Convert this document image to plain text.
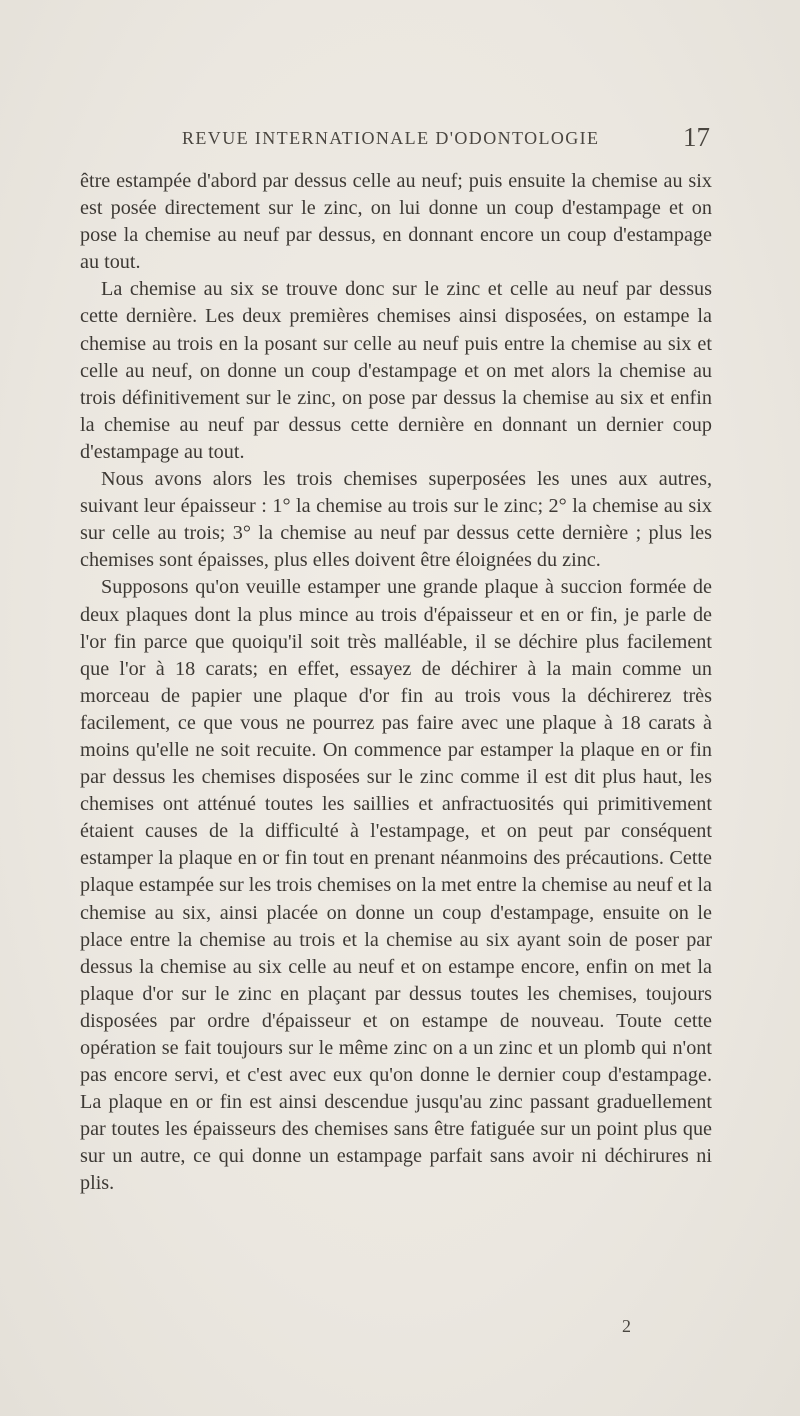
REVUE INTERNATIONALE D'ODONTOLOGIE	17

être estampée d'abord par dessus celle au neuf; puis ensuite la chemise au six est posée directement sur le zinc, on lui donne un coup d'estampage et on pose la chemise au neuf par dessus, en donnant encore un coup d'estampage au tout.

La chemise au six se trouve donc sur le zinc et celle au neuf par dessus cette dernière. Les deux premières chemises ainsi disposées, on estampe la chemise au trois en la posant sur celle au neuf puis entre la chemise au six et celle au neuf, on donne un coup d'estampage et on met alors la chemise au trois définitivement sur le zinc, on pose par dessus la chemise au six et enfin la chemise au neuf par dessus cette dernière en donnant un dernier coup d'estampage au tout.

Nous avons alors les trois chemises superposées les unes aux autres, suivant leur épaisseur : 1° la chemise au trois sur le zinc; 2° la chemise au six sur celle au trois; 3° la chemise au neuf par dessus cette dernière ; plus les chemises sont épaisses, plus elles doivent être éloignées du zinc.

Supposons qu'on veuille estamper une grande plaque à succion formée de deux plaques dont la plus mince au trois d'épaisseur et en or fin, je parle de l'or fin parce que quoiqu'il soit très malléable, il se déchire plus facilement que l'or à 18 carats; en effet, essayez de déchirer à la main comme un morceau de papier une plaque d'or fin au trois vous la déchirerez très facilement, ce que vous ne pourrez pas faire avec une plaque à 18 carats à moins qu'elle ne soit recuite. On commence par estamper la plaque en or fin par dessus les chemises disposées sur le zinc comme il est dit plus haut, les chemises ont atténué toutes les saillies et anfractuosités qui primitivement étaient causes de la difficulté à l'estampage, et on peut par conséquent estamper la plaque en or fin tout en prenant néanmoins des précautions. Cette plaque estampée sur les trois chemises on la met entre la chemise au neuf et la chemise au six, ainsi placée on donne un coup d'estampage, ensuite on le place entre la chemise au trois et la chemise au six ayant soin de poser par dessus la chemise au six celle au neuf et on estampe encore, enfin on met la plaque d'or sur le zinc en plaçant par dessus toutes les chemises, toujours disposées par ordre d'épaisseur et on estampe de nouveau. Toute cette opération se fait toujours sur le même zinc on a un zinc et un plomb qui n'ont pas encore servi, et c'est avec eux qu'on donne le dernier coup d'estampage. La plaque en or fin est ainsi descendue jusqu'au zinc passant graduellement par toutes les épaisseurs des chemises sans être fatiguée sur un point plus que sur un autre, ce qui donne un estampage parfait sans avoir ni déchirures ni plis.

2
